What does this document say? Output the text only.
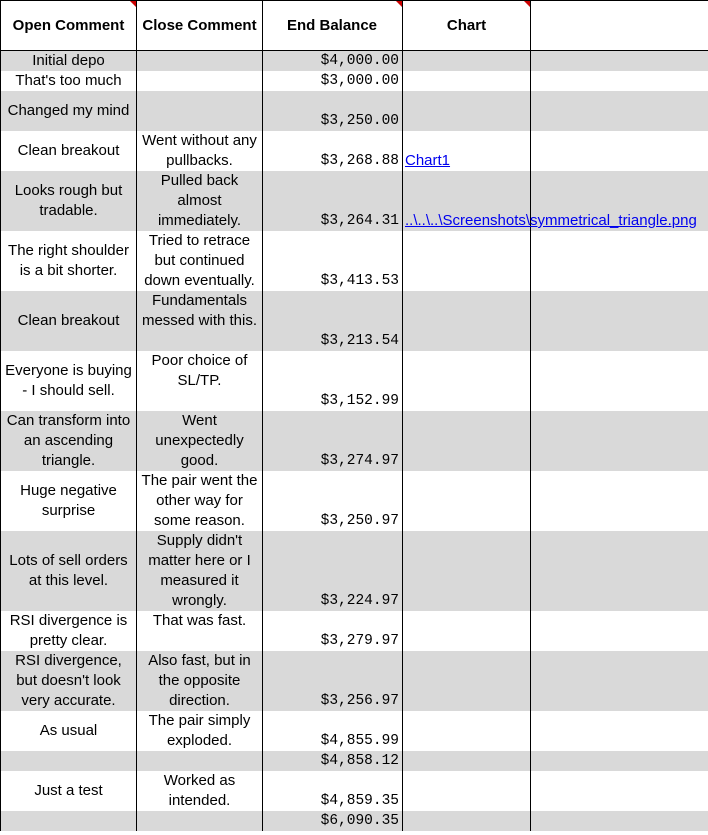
Open Comment	Close Comment	End Balance	Chart

Initial depo		$4,000.00		
That's too much		$3,000.00		
Changed my mind		$3,250.00		
Clean breakout	Went without any pullbacks.	$3,268.88	Chart1	
Looks rough but tradable.	Pulled back almost immediately.	$3,264.31	..\..\..\Screenshots\symmetrical_triangle.png	
The right shoulder is a bit shorter.	Tried to retrace but continued down eventually.	$3,413.53		
Clean breakout	Fundamentals messed with this.	$3,213.54		
Everyone is buying - I should sell.	Poor choice of SL/TP.	$3,152.99		
Can transform into an ascending triangle.	Went unexpectedly good.	$3,274.97		
Huge negative surprise	The pair went the other way for some reason.	$3,250.97		
Lots of sell orders at this level.	Supply didn't matter here or I measured it wrongly.	$3,224.97		
RSI divergence is pretty clear.	That was fast.	$3,279.97		
RSI divergence, but doesn't look very accurate.	Also fast, but in the opposite direction.	$3,256.97		
As usual	The pair simply exploded.	$4,855.99		
		$4,858.12		
Just a test	Worked as intended.	$4,859.35		
		$6,090.35		
